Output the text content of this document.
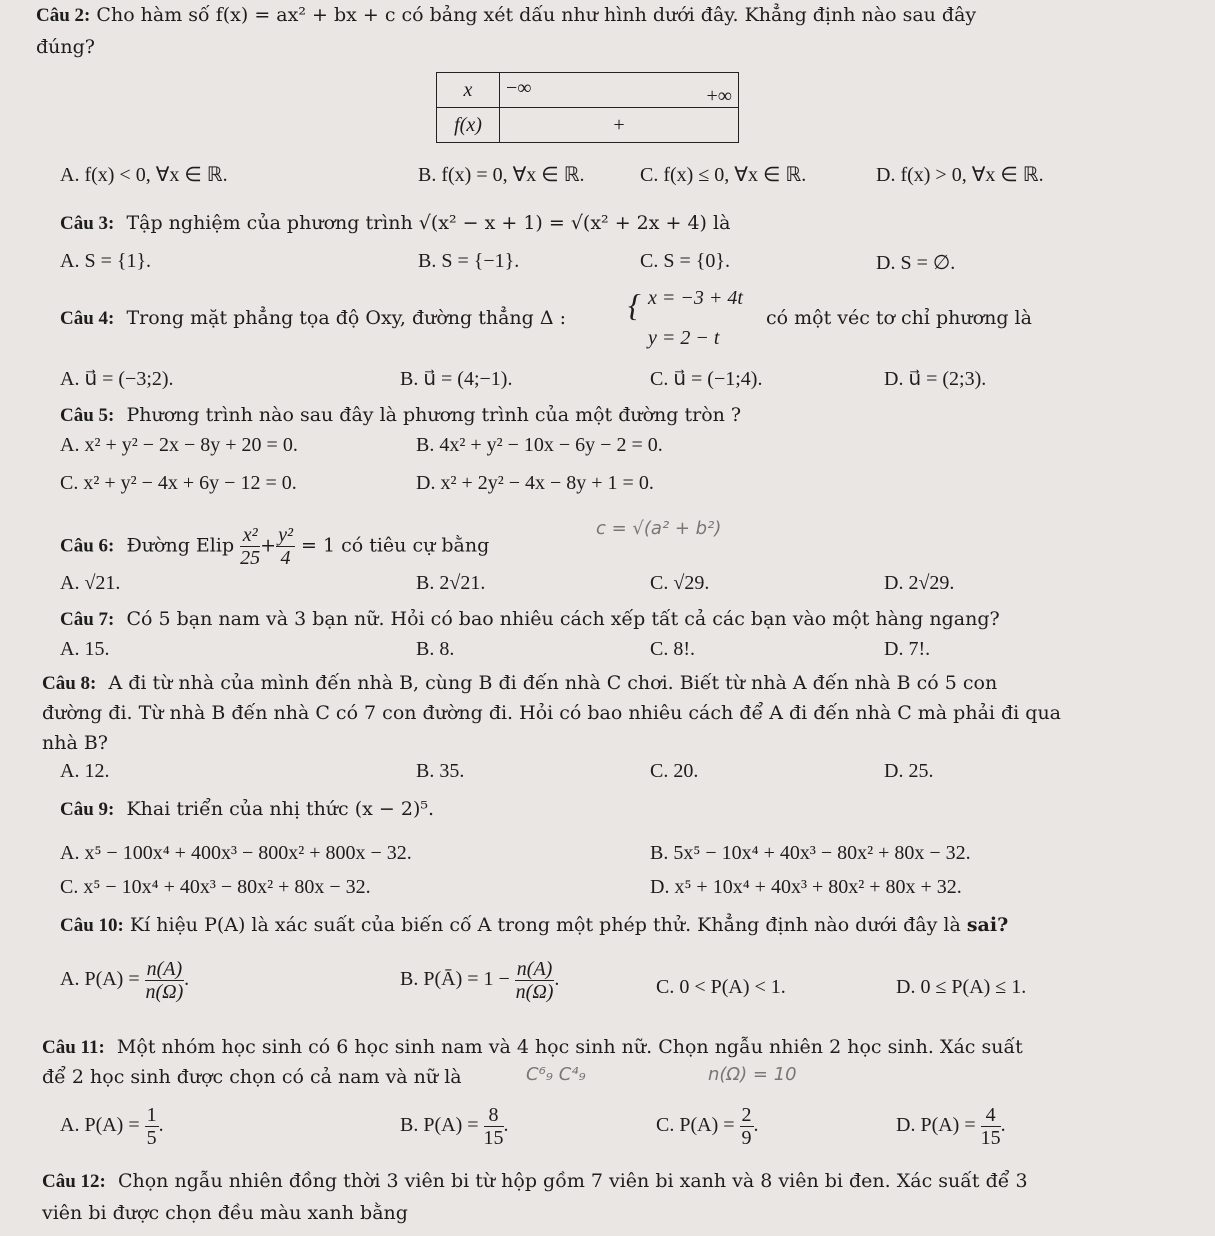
Câu 2: Cho hàm số f(x) = ax² + bx + c có bảng xét dấu như hình dưới đây. Khẳng định nào sau đây
đúng?
x	−∞ +∞

f(x)	+
A. f(x) < 0, ∀x ∈ ℝ.	B. f(x) = 0, ∀x ∈ ℝ.	C. f(x) ≤ 0, ∀x ∈ ℝ.	D. f(x) > 0, ∀x ∈ ℝ.
Câu 3: Tập nghiệm của phương trình √(x² − x + 1) = √(x² + 2x + 4) là
A. S = {1}.	B. S = {−1}.	C. S = {0}.	D. S = ∅.
Câu 4: Trong mặt phẳng tọa độ Oxy, đường thẳng Δ : { x = −3 + 4t
y = 2 − t
có một véc tơ chỉ phương là
A. u⃗ = (−3;2).	B. u⃗ = (4;−1).	C. u⃗ = (−1;4).	D. u⃗ = (2;3).
Câu 5: Phương trình nào sau đây là phương trình của một đường tròn ?
A. x² + y² − 2x − 8y + 20 = 0.	B. 4x² + y² − 10x − 6y − 2 = 0.
C. x² + y² − 4x + 6y − 12 = 0.	D. x² + 2y² − 4x − 8y + 1 = 0.
Câu 6: Đường Elip $\frac{\text{x²}}{25} + \frac{\text{y²}}{4} = 1$ có tiêu cự bằng
c = √(a² + b²)
A. √21.	B. 2√21.	C. √29.	D. 2√29.
Câu 7: Có 5 bạn nam và 3 bạn nữ. Hỏi có bao nhiêu cách xếp tất cả các bạn vào một hàng ngang?
A. 15.	B. 8.	C. 8!.	D. 7!.
Câu 8: A đi từ nhà của mình đến nhà B, cùng B đi đến nhà C chơi. Biết từ nhà A đến nhà B có 5 con
đường đi. Từ nhà B đến nhà C có 7 con đường đi. Hỏi có bao nhiêu cách để A đi đến nhà C mà phải đi qua
nhà B?
A. 12.	B. 35.	C. 20.	D. 25.
Câu 9: Khai triển của nhị thức (x − 2)⁵.
A. x⁵ − 100x⁴ + 400x³ − 800x² + 800x − 32.	B. 5x⁵ − 10x⁴ + 40x³ − 80x² + 80x − 32.
C. x⁵ − 10x⁴ + 40x³ − 80x² + 80x − 32.	D. x⁵ + 10x⁴ + 40x³ + 80x² + 80x + 32.
Câu 10: Kí hiệu P(A) là xác suất của biến cố A trong một phép thử. Khẳng định nào dưới đây là sai?
A. $P(A) = \frac{n(A)}{n(\Omega)}$ .	B. P(Ā) = $1 - \frac{n(A)}{n(\Omega)}$ .	C. 0 < P(A) < 1.	D. 0 ≤ P(A) ≤ 1.
Câu 11: Một nhóm học sinh có 6 học sinh nam và 4 học sinh nữ. Chọn ngẫu nhiên 2 học sinh. Xác suất
để 2 học sinh được chọn có cả nam và nữ là	C⁶₉ C⁴₉	n(Ω) = 10
A. $P(A) = \frac{1}{5}$ .	B. $P(A) = \frac{8}{15}$ .	C. $P(A) = \frac{2}{9}$ .	D. $P(A) = \frac{4}{15}$ .
Câu 12: Chọn ngẫu nhiên đồng thời 3 viên bi từ hộp gồm 7 viên bi xanh và 8 viên bi đen. Xác suất để 3
viên bi được chọn đều màu xanh bằng
